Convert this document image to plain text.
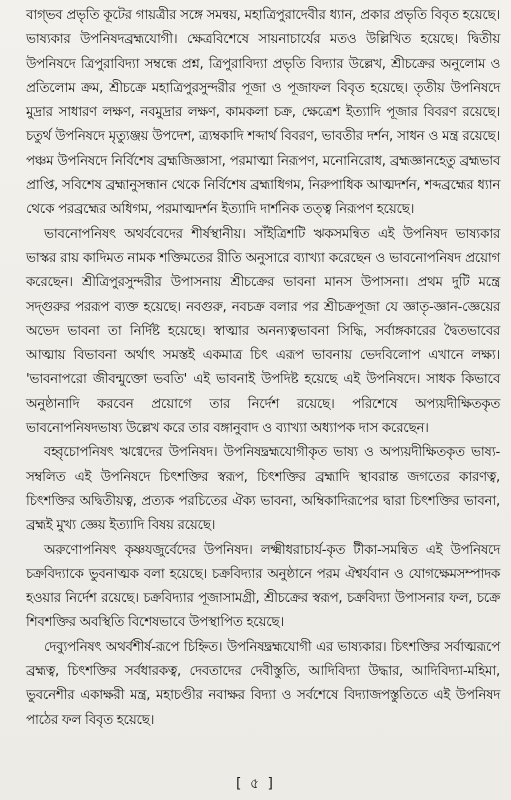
বাগ্ভব প্রভৃতি কূটের গায়ত্রীর সঙ্গে সমন্বয়, মহাত্রিপুরাদেবীর ধ্যান, প্রকার প্রভৃতি বিবৃত হয়েছে। ভাষ্যকার উপনিষদব্রহ্মযোগী। ক্ষেত্রবিশেষে সায়নাচার্যের মতও উল্লিখিত হয়েছে। দ্বিতীয় উপনিষদে ত্রিপুরাবিদ্যা সম্বন্ধে প্রশ্ন, ত্রিপুরাবিদ্যা প্রভৃতি বিদ্যার উল্লেখ, শ্রীচক্রের অনুলোম ও প্রতিলোম ক্রম, শ্রীচক্রে মহাত্রিপুরসুন্দরীর পূজা ও পূজাফল বিবৃত হয়েছে। তৃতীয় উপনিষদে মুদ্রার সাধারণ লক্ষণ, নবমুদ্রার লক্ষণ, কামকলা চক্র, ক্ষেত্রেশ ইত্যাদি পূজার বিবরণ রয়েছে। চতুর্থ উপনিষদে মৃত্যুঞ্জয় উপদেশ, ত্র্যম্বকাদি শব্দার্থ বিবরণ, ভাবতীর দর্শন, সাধন ও মন্ত্র রয়েছে। পঞ্চম উপনিষদে নির্বিশেষ ব্রহ্মজিজ্ঞাসা, পরমাত্মা নিরূপণ, মনোনিরোধ, ব্রহ্মজ্ঞানহেতু ব্রহ্মভাব প্রাপ্তি, সবিশেষ ব্রহ্মানুসন্ধান থেকে নির্বিশেষ ব্রহ্মাধিগম, নিরুপাধিক আত্মদর্শন, শব্দব্রহ্মের ধ্যান থেকে পরব্রহ্মের অধিগম, পরমাত্মদর্শন ইত্যাদি দার্শনিক তত্ত্ব নিরূপণ হয়েছে।

ভাবনোপনিষৎ অথর্ববেদের শীর্ষস্থানীয়। সাঁইত্রিশটি ঋকসমন্বিত এই উপনিষদ ভাষ্যকার ভাস্কর রায় কাদিমত নামক শক্তিমতের রীতি অনুসারে ব্যাখ্যা করেছেন ও ভাবনোপনিষদ প্রয়োগ করেছেন। শ্রীত্রিপুরসুন্দরীর উপাসনায় শ্রীচক্রের ভাবনা মানস উপাসনা। প্রথম দুটি মন্ত্রে সদ্গুরুর পররূপ ব্যক্ত হয়েছে। নবগুরু, নবচক্র বলার পর শ্রীচক্রপূজা যে জ্ঞাতৃ-জ্ঞান-জ্ঞেয়ের অভেদ ভাবনা তা নির্দিষ্ট হয়েছে। স্বাত্মার অনন্যত্বভাবনা সিদ্ধি, সর্বাঙ্গকারের দ্বৈতভাবের আত্মায় বিভাবনা অর্থাৎ সমস্তই একমাত্র চিৎ এরূপ ভাবনায় ভেদবিলোপ এখানে লক্ষ্য। 'ভাবনাপরো জীবন্মুক্তো ভবতি' এই ভাবনাই উপদিষ্ট হয়েছে এই উপনিষদে। সাধক কিভাবে অনুষ্ঠানাদি করবেন প্রয়োগে তার নির্দেশ রয়েছে। পরিশেষে অপ্যয়দীক্ষিতকৃত ভাবনোপনিষদভাষ্য উল্লেখ করে তার বঙ্গানুবাদ ও ব্যাখ্যা অধ্যাপক দাস করেছেন।

বহ্বৃচোপনিষৎ ঋগ্বেদের উপনিষদ। উপনিষদ্ব্রহ্মযোগীকৃত ভাষ্য ও অপ্যয়দীক্ষিতকৃত ভাষ্য-সম্বলিত এই উপনিষদে চিৎশক্তির স্বরূপ, চিৎশক্তির ব্রহ্মাদি স্থাবরান্ত জগতের কারণত্ব, চিৎশক্তির অদ্বিতীয়ত্ব, প্রত্যক পরচিতের ঐক্য ভাবনা, অম্বিকাদিরূপের দ্বারা চিৎশক্তির ভাবনা, ব্রহ্মই মুখ্য জ্ঞেয় ইত্যাদি বিষয় রয়েছে।

অরুণোপনিষৎ কৃষ্ণযজুর্বেদের উপনিষদ। লক্ষ্মীধরাচার্য-কৃত টীকা-সমন্বিত এই উপনিষদে চক্রবিদ্যাকে ভুবনাত্মক বলা হয়েছে। চক্রবিদ্যার অনুষ্ঠানে পরম ঐশ্বর্যবান ও যোগক্ষেমসম্পাদক হওয়ার নির্দেশ রয়েছে। চক্রবিদ্যার পূজাসামগ্রী, শ্রীচক্রের স্বরূপ, চক্রবিদ্যা উপাসনার ফল, চক্রে শিবশক্তির অবস্থিতি বিশেষভাবে উপস্থাপিত হয়েছে।

দেব্যুপনিষৎ অথর্বশীর্ষ-রূপে চিহ্নিত। উপনিষদ্ব্রহ্মযোগী এর ভাষ্যকার। চিৎশক্তির সর্বাত্মরূপে ব্রহ্মত্ব, চিৎশক্তির সর্বধারকত্ব, দেবতাদের দেবীস্তুতি, আদিবিদ্যা উদ্ধার, আদিবিদ্যা-মহিমা, ভুবনেশীর একাক্ষরী মন্ত্র, মহাচণ্ডীর নবাক্ষর বিদ্যা ও সর্বশেষে বিদ্যাজপস্তুতিতে এই উপনিষদ পাঠের ফল বিবৃত হয়েছে।

[ ৫ ]
